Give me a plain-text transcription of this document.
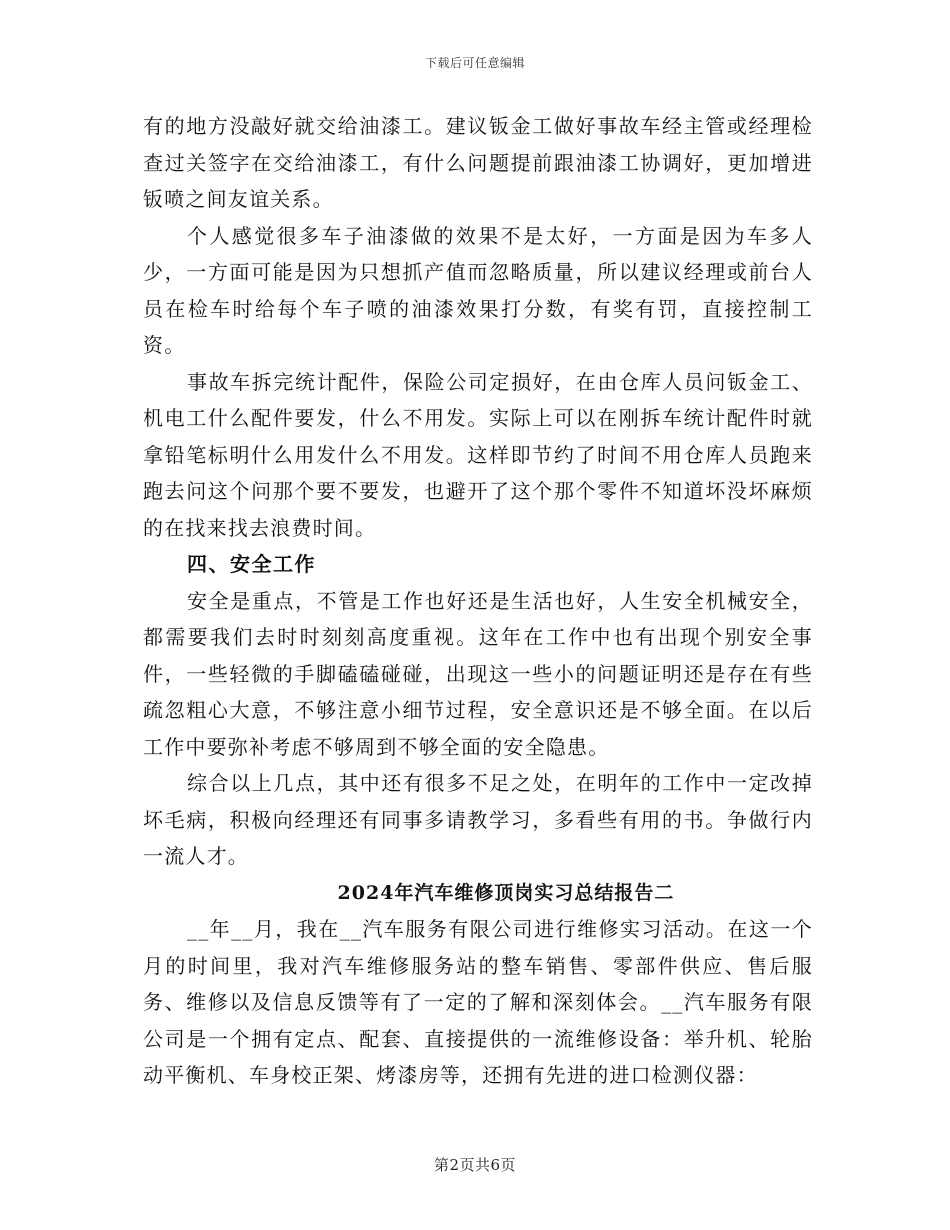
下载后可任意编辑

有的地方没敲好就交给油漆工。建议钣金工做好事故车经主管或经理检查过关签字在交给油漆工，有什么问题提前跟油漆工协调好，更加增进钣喷之间友谊关系。

个人感觉很多车子油漆做的效果不是太好，一方面是因为车多人少，一方面可能是因为只想抓产值而忽略质量，所以建议经理或前台人员在检车时给每个车子喷的油漆效果打分数，有奖有罚，直接控制工资。

事故车拆完统计配件，保险公司定损好，在由仓库人员问钣金工、机电工什么配件要发，什么不用发。实际上可以在刚拆车统计配件时就拿铅笔标明什么用发什么不用发。这样即节约了时间不用仓库人员跑来跑去问这个问那个要不要发，也避开了这个那个零件不知道坏没坏麻烦的在找来找去浪费时间。

四、安全工作

安全是重点，不管是工作也好还是生活也好，人生安全机械安全，都需要我们去时时刻刻高度重视。这年在工作中也有出现个别安全事件，一些轻微的手脚磕磕碰碰，出现这一些小的问题证明还是存在有些疏忽粗心大意，不够注意小细节过程，安全意识还是不够全面。在以后工作中要弥补考虑不够周到不够全面的安全隐患。

综合以上几点，其中还有很多不足之处，在明年的工作中一定改掉坏毛病，积极向经理还有同事多请教学习，多看些有用的书。争做行内一流人才。

2024年汽车维修顶岗实习总结报告二

__年__月，我在__汽车服务有限公司进行维修实习活动。在这一个月的时间里，我对汽车维修服务站的整车销售、零部件供应、售后服务、维修以及信息反馈等有了一定的了解和深刻体会。__汽车服务有限公司是一个拥有定点、配套、直接提供的一流维修设备：举升机、轮胎动平衡机、车身校正架、烤漆房等，还拥有先进的进口检测仪器：

第2页共6页
